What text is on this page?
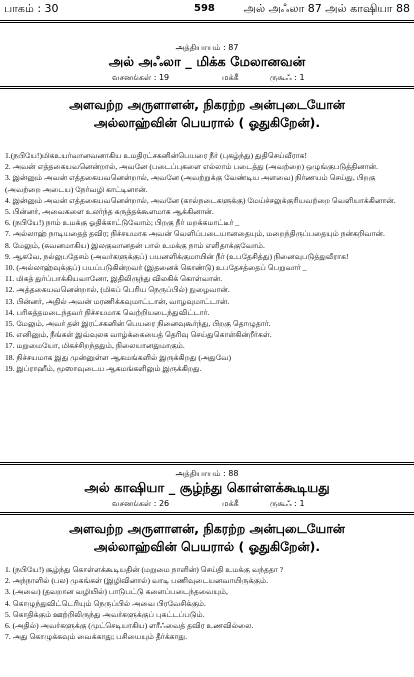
பாகம் : 30	598	அல் அஃலா 87 அல் காஷியா 88
அத்தியாயம் : 87
அல் அஃலா _ மிக்க மேலானவன்
வசனங்கள் : 19	மக்கீ	ருகூஃ : 1
அளவற்ற அருளாளன், நிகரற்ற அன்புடையோன்
அல்லாஹ்வின் பெயரால் ( ஓதுகிறேன்).

1.(நபியே!)மிகஉயர்வானவனாகிய உமதிரட்சகனின்பெயரை நீர் (புகழ்ந்து) துதிசெய்வீராக!

2. அவன் எத்தகையவனென்றால், அவனே (படைப்புகளை எல்லாம் படைத்து (அவற்றை) ஒழுங்குபடுத்தினான்.

3. இன்னும் அவன் எத்தகையவனென்றால், அவனே (அவற்றுக்கு வேண்டிய அளவை) நிர்ணயம் செய்து, பிறகு (அவற்றை அடைய) நேர்வழி காட்டினான்.

4. இன்னும் அவன் எத்தகையவனென்றால், அவனே (கால்நடைகளுக்கு) மேய்ச்சலுக்குரியவற்றை வெளியாக்கினான்.

5. பின்னர், அவைகளை உலர்ந்த கருத்தக்கூளமாக ஆக்கினான்.

6. (நபியே!) நாம் உமக்கு ஓதிக்காட்டுவோம்; பிறகு நீர் மறக்கமாட்டீர் _

7. அல்லாஹ் நாடியதைத் தவிர; நிச்சயமாக அவன் வெளிப்படையானதையும், மறைந்திருப்பதையும் நன்கறிவான்.

8. மேலும், (சுவனமாகிய) இலகுவானதன் பால் உமக்கு நாம் எளிதாக்குவோம்.

9. ஆகவே, நல்லுபதேசம் (அவர்களுக்குப்) பயனளிக்குமாயின் நீர் (உபதேசித்து) நினைவுபடுத்துவீராக!

10. (அல்லாஹ்வுக்குப்) பயப்படுகின்றவர் (இதனைக் கொண்டு) உபதேசத்தைப் பெறுவார் _

11. மிகத் துர்ப்பாக்கியவானோ, இதிலிருந்து விலகிக் கொள்வான்.

12. அத்தகையவனென்றால், (மிகப் பெரிய நெருப்பில்) நுழைவான்.

13. பின்னர், அதில் அவன் மரணிக்கவுமாட்டான், வாழவுமாட்டான்.

14. பரிசுத்தமடைந்தவர் நிச்சயமாக வெற்றியடைந்துவிட்டார்.

15. மேலும், அவர் தன் இரட்சகனின் பெயரை நினைவுகூர்ந்து, பிறகு தொழுதார்.

16. எனினும், நீங்கள் இவ்வுலக வாழ்க்கையைத் தெரிவு செய்துகொள்கின்றீர்கள்.

17. மறுமையோ, மிகச்சிறந்ததும், நிலையானதுமாகும்.

18. நிச்சயமாக இது முன்னுள்ள ஆகமங்களில் இருக்கிறது (அதுவே)

19. இப்ராஹீம், மூஸாவுடைய ஆகமங்களிலும் இருக்கிறது.

அத்தியாயம் : 88
அல் காஷியா _ சூழ்ந்து கொள்ளக்கூடியது
வசனங்கள் : 26	மக்கீ	ருகூஃ : 1
அளவற்ற அருளாளன், நிகரற்ற அன்புடையோன்
அல்லாஹ்வின் பெயரால் ( ஓதுகிறேன்).

1. (நபியே!) சூழ்ந்து கொள்ளக்கூடியதின் (மறுமை நாளின்) செய்தி உமக்கு வந்ததா ?

2. அந்நாளில் (பல) முகங்கள் (இழிவினால்) வாடி பணிவுடையனவாயிருக்கும்.

3. (அவை) (தவறான வழியில்) பாடுபட்டு களைப்படைந்தவையும்,

4. கொழுந்துவிட்டெரியும் நெருப்பில் அவை பிரவேசிக்கும்.

5. கொதிக்கும் ஊற்றிலிருந்து அவர்களுக்குப் புகட்டப்படும்.

6. (அதில்) அவர்களுக்கு (முட்செடியாகிய) ளரீஃவைத் தவிர உணவில்லை.

7. அது கொழுக்கவும் வைக்காது; பசியையும் தீர்க்காது.
